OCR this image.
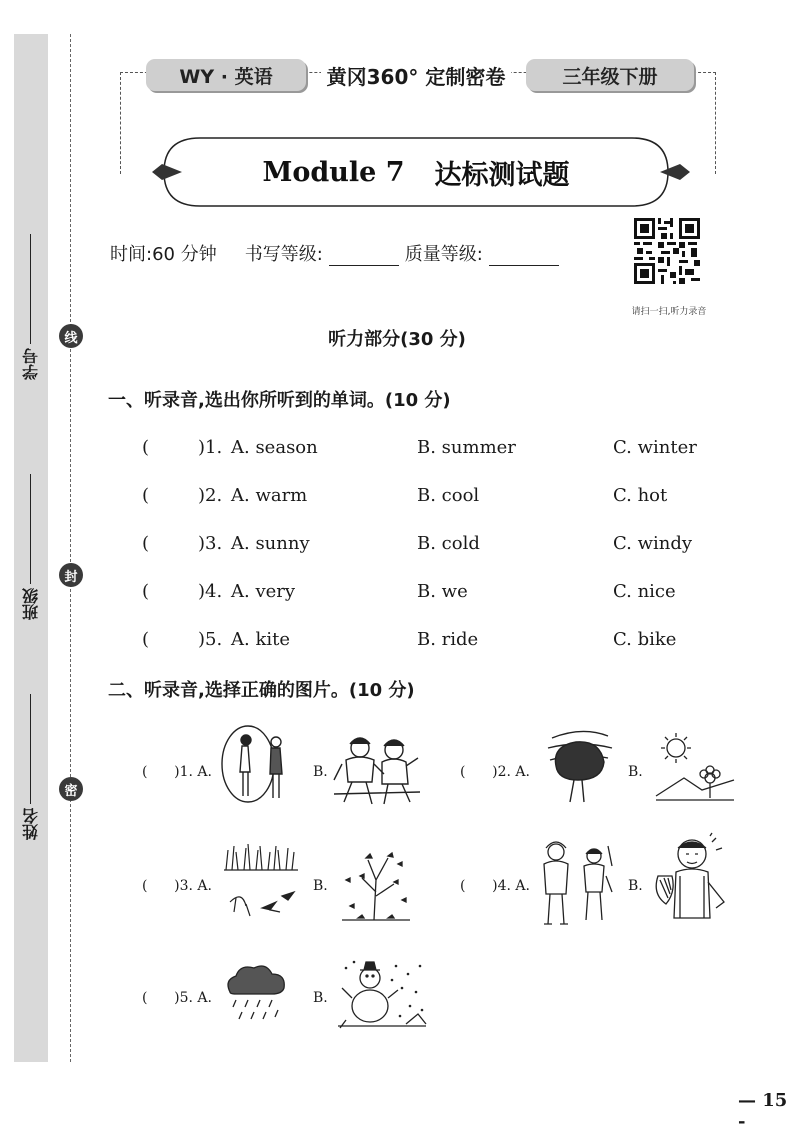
学号
班级
姓名
线
封
密
WY · 英语	黄冈360° 定制密卷	三年级下册
Module 7 达标测试题
时间:60 分钟 书写等级:	质量等级:
请扫一扫,听力录音
听力部分(30 分)
一、听录音,选出你所听到的单词。(10 分)
(	)1. A. season	B. summer	C. winter
(	)2. A. warm	B. cool	C. hot
(	)3. A. sunny	B. cold	C. windy
(	)4. A. very	B. we	C. nice
(	)5. A. kite	B. ride	C. bike
二、听录音,选择正确的图片。(10 分)
(      )1. A.	B.	(      )2. A.	B.
(      )3. A.	B.	(      )4. A.	B.
(      )5. A.	B.
— 15 -
